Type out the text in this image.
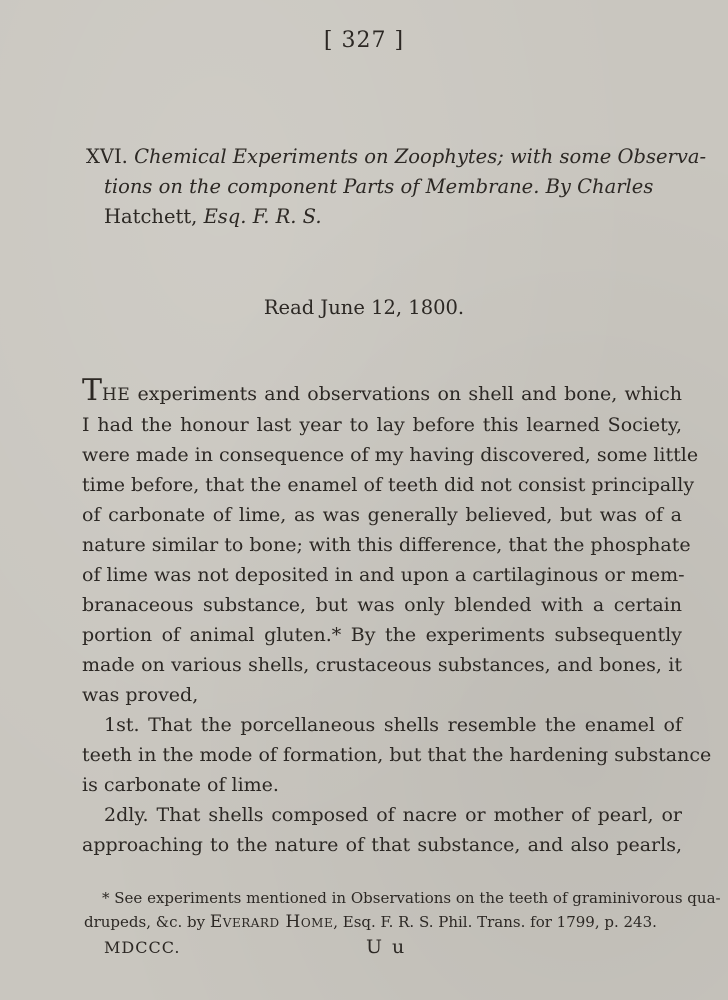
[ 327 ]
XVI. Chemical Experiments on Zoophytes; with some Observa-
tions on the component Parts of Membrane. By Charles
Hatchett, Esq. F. R. S.
Read June 12, 1800.
THE experiments and observations on shell and bone, which
I had the honour last year to lay before this learned Society,
were made in consequence of my having discovered, some little
time before, that the enamel of teeth did not consist principally
of carbonate of lime, as was generally believed, but was of a
nature similar to bone; with this difference, that the phosphate
of lime was not deposited in and upon a cartilaginous or mem-
branaceous substance, but was only blended with a certain
portion of animal gluten.* By the experiments subsequently
made on various shells, crustaceous substances, and bones, it
was proved,
1st. That the porcellaneous shells resemble the enamel of
teeth in the mode of formation, but that the hardening substance
is carbonate of lime.
2dly. That shells composed of nacre or mother of pearl, or
approaching to the nature of that substance, and also pearls,
* See experiments mentioned in Observations on the teeth of graminivorous qua-
drupeds, &c. by Everard Home, Esq. F. R. S. Phil. Trans. for 1799, p. 243.
MDCCC.	U u
